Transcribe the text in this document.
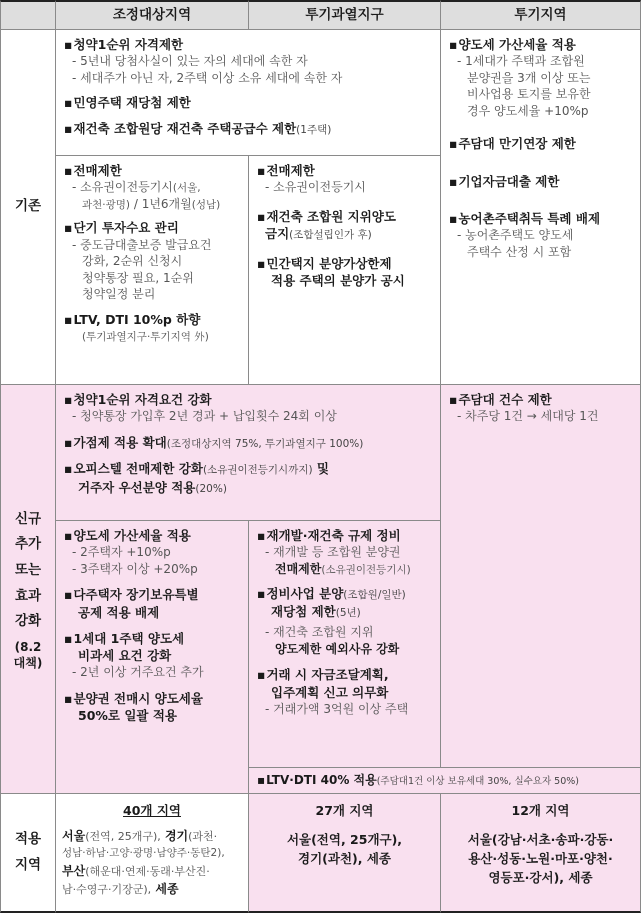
조정대상지역	투기과열지구	투기지역
기존
▪ 청약1순위 자격제한
- 5년내 당첨사실이 있는 자의 세대에 속한 자
- 세대주가 아닌 자, 2주택 이상 소유 세대에 속한 자
▪ 민영주택 재당첨 제한
▪ 재건축 조합원당 재건축 주택공급수 제한(1주택)
▪ 전매제한
- 소유권이전등기시(서울,
과천·광명) / 1년6개월(성남)
▪ 단기 투자수요 관리
- 중도금대출보증 발급요건
강화, 2순위 신청시
청약통장 필요, 1순위
청약일정 분리
▪ LTV, DTI 10%p 하향
(투기과열지구·투기지역 外)
▪ 전매제한
- 소유권이전등기시
▪ 재건축 조합원 지위양도
금지(조합설립인가 후)
▪ 민간택지 분양가상한제
적용 주택의 분양가 공시
▪ 양도세 가산세율 적용
- 1세대가 주택과 조합원
분양권을 3개 이상 또는
비사업용 토지를 보유한
경우 양도세율 +10%p
▪ 주담대 만기연장 제한
▪ 기업자금대출 제한
▪ 농어촌주택취득 특례 배제
- 농어촌주택도 양도세
주택수 산정 시 포함
신규
추가
또는
효과
강화
(8.2
대책)
▪ 청약1순위 자격요건 강화
- 청약통장 가입후 2년 경과 + 납입횟수 24회 이상
▪ 가점제 적용 확대(조정대상지역 75%, 투기과열지구 100%)
▪ 오피스텔 전매제한 강화(소유권이전등기시까지) 및
거주자 우선분양 적용(20%)
▪ 양도세 가산세율 적용
- 2주택자 +10%p
- 3주택자 이상 +20%p
▪ 다주택자 장기보유특별
공제 적용 배제
▪ 1세대 1주택 양도세
비과세 요건 강화
- 2년 이상 거주요건 추가
▪ 분양권 전매시 양도세율
50%로 일괄 적용
▪ 재개발·재건축 규제 정비
- 재개발 등 조합원 분양권
전매제한(소유권이전등기시)
▪ 정비사업 분양(조합원/일반)
재당첨 제한(5년)
- 재건축 조합원 지위
양도제한 예외사유 강화
▪ 거래 시 자금조달계획,
입주계획 신고 의무화
- 거래가액 3억원 이상 주택
▪ LTV·DTI 40% 적용(주담대1건 이상 보유세대 30%, 실수요자 50%)
▪ 주담대 건수 제한
- 차주당 1건 → 세대당 1건
적용
지역
40개 지역
서울(전역, 25개구), 경기(과천·
성남·하남·고양·광명·남양주·동탄2),
부산(해운대·연제·동래·부산진·
남·수영구·기장군), 세종
27개 지역
서울(전역, 25개구),
경기(과천), 세종
12개 지역
서울(강남·서초·송파·강동·
용산·성동·노원·마포·양천·
영등포·강서), 세종
